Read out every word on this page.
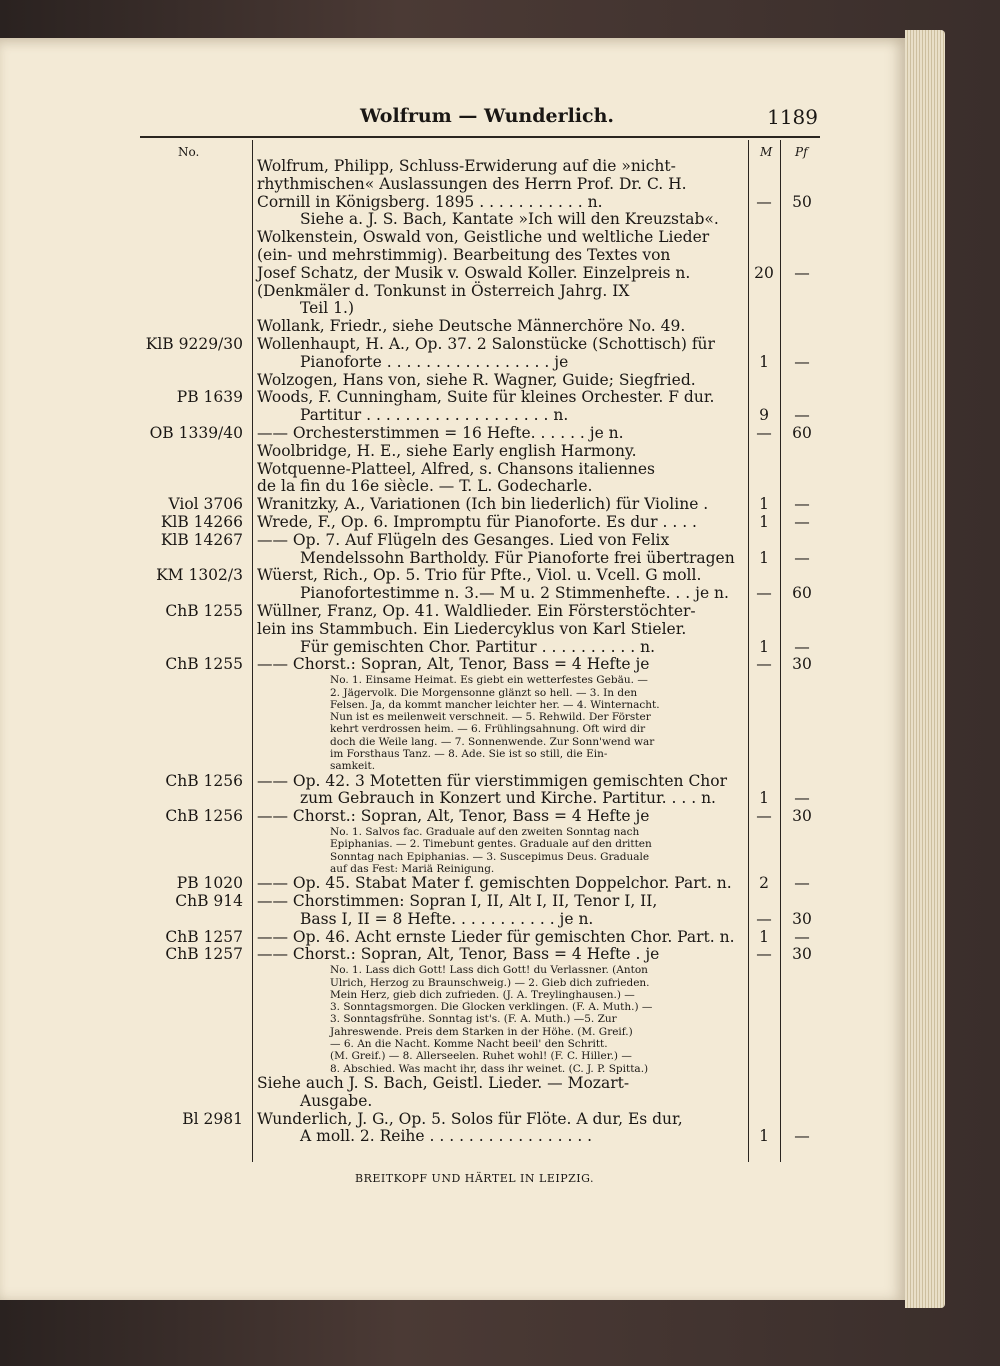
Wolfrum — Wunderlich.	1189
No.	M Pf
Wolfrum, Philipp, Schluss-Erwiderung auf die »nicht-
rhythmischen« Auslassungen des Herrn Prof. Dr. C. H.
Cornill in Königsberg. 1895 . . . . . . . . . . . n.	— 50
Siehe a. J. S. Bach, Kantate »Ich will den Kreuzstab«.
Wolkenstein, Oswald von, Geistliche und weltliche Lieder
(ein- und mehrstimmig). Bearbeitung des Textes von
Josef Schatz, der Musik v. Oswald Koller. Einzelpreis n.	20	—
(Denkmäler d. Tonkunst in Österreich Jahrg. IX
Teil 1.)
Wollank, Friedr., siehe Deutsche Männerchöre No. 49.
KlB 9229/30 Wollenhaupt, H. A., Op. 37. 2 Salonstücke (Schottisch) für
Pianoforte . . . . . . . . . . . . . . . . . je	1	—
Wolzogen, Hans von, siehe R. Wagner, Guide; Siegfried.
PB 1639 Woods, F. Cunningham, Suite für kleines Orchester. F dur.
Partitur . . . . . . . . . . . . . . . . . . . n.	9	—
OB 1339/40 —— Orchesterstimmen = 16 Hefte. . . . . . je n.	— 60
Woolbridge, H. E., siehe Early english Harmony.
Wotquenne-Platteel, Alfred, s. Chansons italiennes
de la fin du 16e siècle. — T. L. Godecharle.
Viol 3706 Wranitzky, A., Variationen (Ich bin liederlich) für Violine .	1	—
KlB 14266 Wrede, F., Op. 6. Impromptu für Pianoforte. Es dur . . . .	1	—
KlB 14267 —— Op. 7. Auf Flügeln des Gesanges. Lied von Felix
Mendelssohn Bartholdy. Für Pianoforte frei übertragen	1	—
KM 1302/3 Wüerst, Rich., Op. 5. Trio für Pfte., Viol. u. Vcell. G moll.
Pianofortestimme n. 3.— M u. 2 Stimmenhefte. . . je n.	— 60
ChB 1255 Wüllner, Franz, Op. 41. Waldlieder. Ein Försterstöchter-
lein ins Stammbuch. Ein Liedercyklus von Karl Stieler.
Für gemischten Chor. Partitur . . . . . . . . . . n.	1	—
ChB 1255 —— Chorst.: Sopran, Alt, Tenor, Bass = 4 Hefte je	— 30
No. 1. Einsame Heimat. Es giebt ein wetterfestes Gebäu. —
2. Jägervolk. Die Morgensonne glänzt so hell. — 3. In den
Felsen. Ja, da kommt mancher leichter her. — 4. Winternacht.
Nun ist es meilenweit verschneit. — 5. Rehwild. Der Förster
kehrt verdrossen heim. — 6. Frühlingsahnung. Oft wird dir
doch die Weile lang. — 7. Sonnenwende. Zur Sonn'wend war
im Forsthaus Tanz. — 8. Ade. Sie ist so still, die Ein-
samkeit.
ChB 1256 —— Op. 42. 3 Motetten für vierstimmigen gemischten Chor
zum Gebrauch in Konzert und Kirche. Partitur. . . . n.	1	—
ChB 1256 —— Chorst.: Sopran, Alt, Tenor, Bass = 4 Hefte je	— 30
No. 1. Salvos fac. Graduale auf den zweiten Sonntag nach
Epiphanias. — 2. Timebunt gentes. Graduale auf den dritten
Sonntag nach Epiphanias. — 3. Suscepimus Deus. Graduale
auf das Fest: Mariä Reinigung.
PB 1020 —— Op. 45. Stabat Mater f. gemischten Doppelchor. Part. n.	2	—
ChB 914 —— Chorstimmen: Sopran I, II, Alt I, II, Tenor I, II,
Bass I, II = 8 Hefte. . . . . . . . . . . je n.	— 30
ChB 1257 —— Op. 46. Acht ernste Lieder für gemischten Chor. Part. n.	1	—
ChB 1257 —— Chorst.: Sopran, Alt, Tenor, Bass = 4 Hefte . je	— 30
No. 1. Lass dich Gott! Lass dich Gott! du Verlassner. (Anton
Ulrich, Herzog zu Braunschweig.) — 2. Gieb dich zufrieden.
Mein Herz, gieb dich zufrieden. (J. A. Treylinghausen.) —
3. Sonntagsmorgen. Die Glocken verklingen. (F. A. Muth.) —
3. Sonntagsfrühe. Sonntag ist's. (F. A. Muth.) —5. Zur
Jahreswende. Preis dem Starken in der Höhe. (M. Greif.)
— 6. An die Nacht. Komme Nacht beeil' den Schritt.
(M. Greif.) — 8. Allerseelen. Ruhet wohl! (F. C. Hiller.) —
8. Abschied. Was macht ihr, dass ihr weinet. (C. J. P. Spitta.)
Siehe auch J. S. Bach, Geistl. Lieder. — Mozart-
Ausgabe.
Bl 2981 Wunderlich, J. G., Op. 5. Solos für Flöte. A dur, Es dur,
A moll. 2. Reihe . . . . . . . . . . . . . . . . .	1	—
BREITKOPF UND HÄRTEL IN LEIPZIG.
